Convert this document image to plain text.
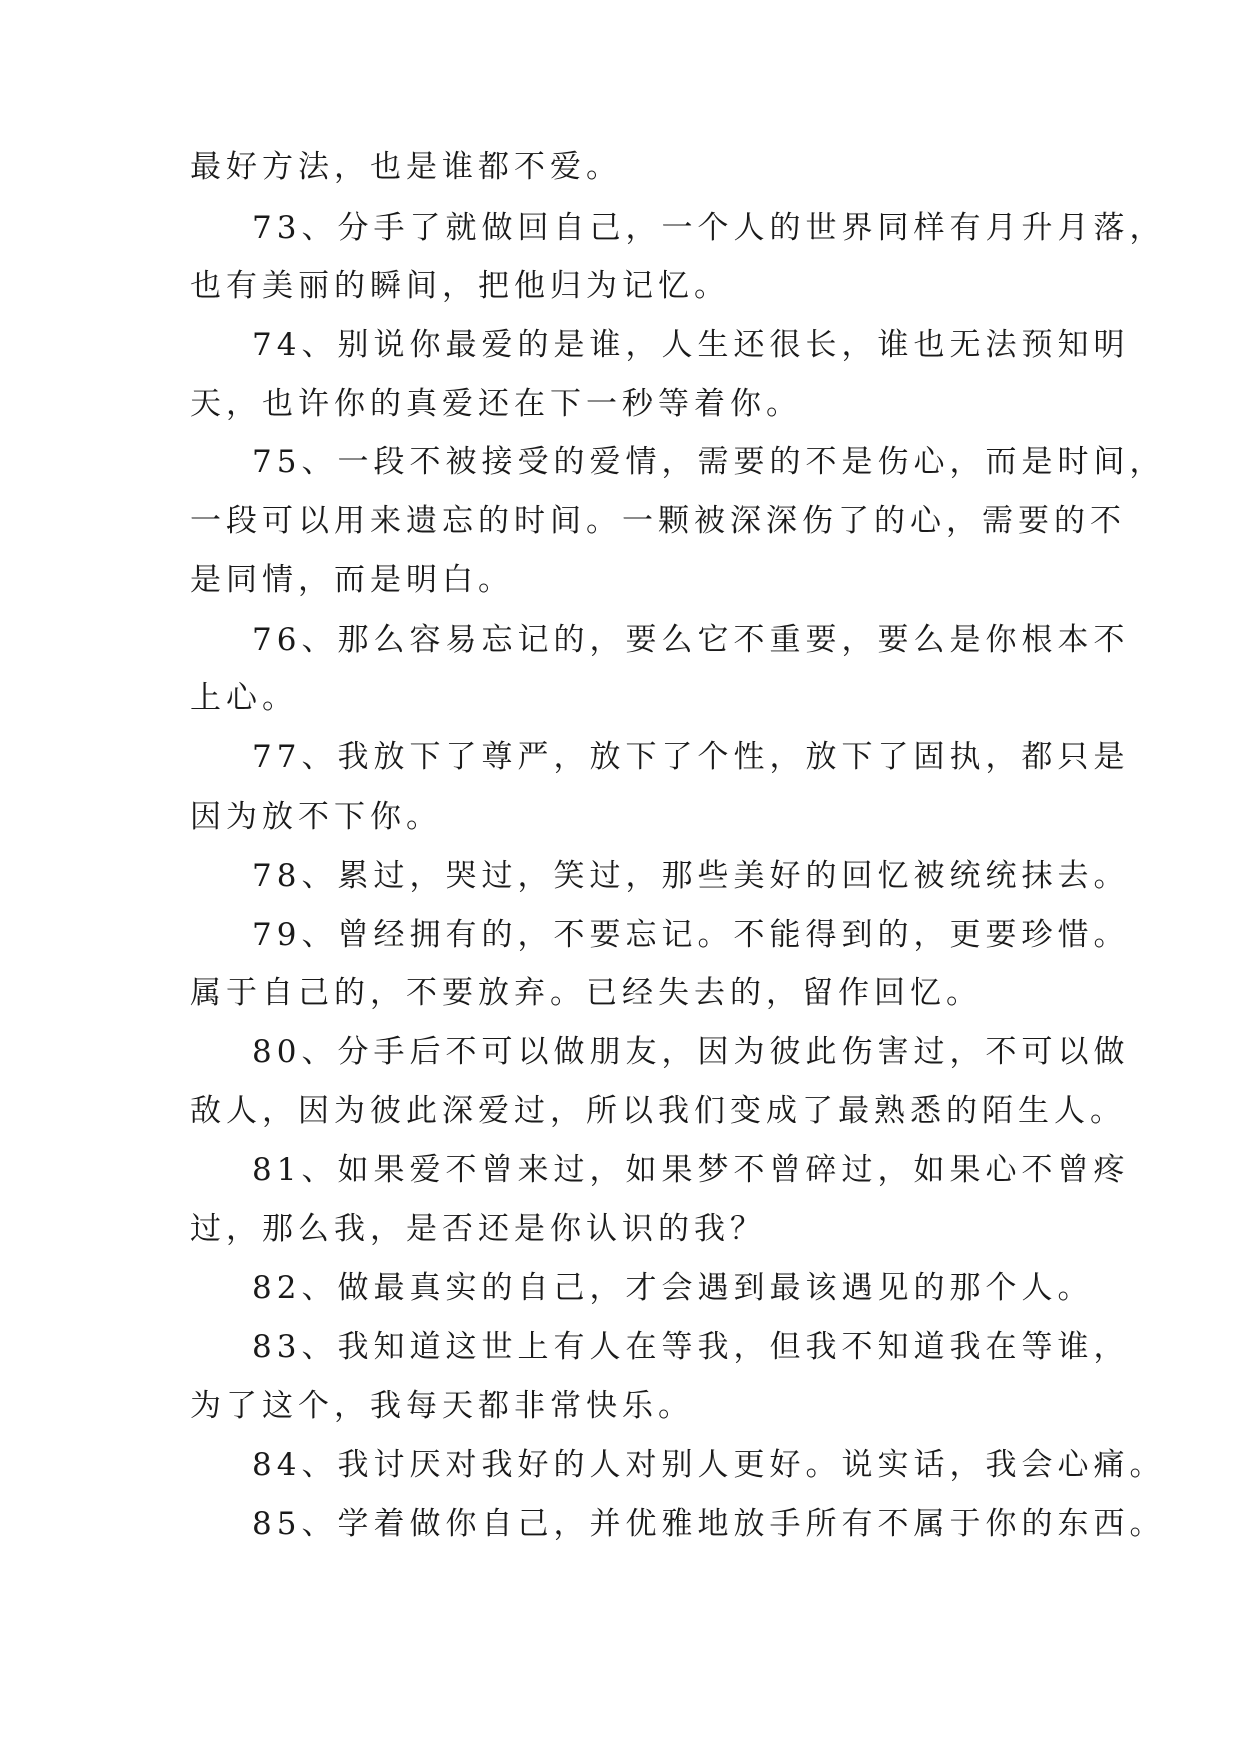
最好方法，也是谁都不爱。
73、分手了就做回自己，一个人的世界同样有月升月落，
也有美丽的瞬间，把他归为记忆。
74、别说你最爱的是谁，人生还很长，谁也无法预知明
天，也许你的真爱还在下一秒等着你。
75、一段不被接受的爱情，需要的不是伤心，而是时间，
一段可以用来遗忘的时间。一颗被深深伤了的心，需要的不
是同情，而是明白。
76、那么容易忘记的，要么它不重要，要么是你根本不
上心。
77、我放下了尊严，放下了个性，放下了固执，都只是
因为放不下你。
78、累过，哭过，笑过，那些美好的回忆被统统抹去。
79、曾经拥有的，不要忘记。不能得到的，更要珍惜。
属于自己的，不要放弃。已经失去的，留作回忆。
80、分手后不可以做朋友，因为彼此伤害过，不可以做
敌人，因为彼此深爱过，所以我们变成了最熟悉的陌生人。
81、如果爱不曾来过，如果梦不曾碎过，如果心不曾疼
过，那么我，是否还是你认识的我？
82、做最真实的自己，才会遇到最该遇见的那个人。
83、我知道这世上有人在等我，但我不知道我在等谁，
为了这个，我每天都非常快乐。
84、我讨厌对我好的人对别人更好。说实话，我会心痛。
85、学着做你自己，并优雅地放手所有不属于你的东西。
